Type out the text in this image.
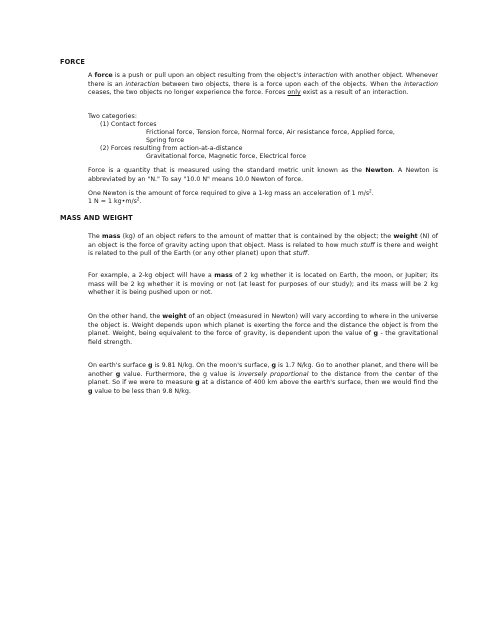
FORCE

A force is a push or pull upon an object resulting from the object's interaction with another object. Whenever there is an interaction between two objects, there is a force upon each of the objects. When the interaction ceases, the two objects no longer experience the force. Forces only exist as a result of an interaction.

Two categories:
(1) Contact forces
Frictional force, Tension force, Normal force, Air resistance force, Applied force,
Spring force
(2) Forces resulting from action-at-a-distance
Gravitational force, Magnetic force, Electrical force

Force is a quantity that is measured using the standard metric unit known as the Newton. A Newton is abbreviated by an "N." To say "10.0 N" means 10.0 Newton of force.

One Newton is the amount of force required to give a 1-kg mass an acceleration of 1 $m/s^2$.
1 N = 1 $kg•m/s^2$.
MASS AND WEIGHT

The mass (kg) of an object refers to the amount of matter that is contained by the object; the weight (N) of an object is the force of gravity acting upon that object. Mass is related to how much stuff is there and weight is related to the pull of the Earth (or any other planet) upon that stuff.

For example, a 2-kg object will have a mass of 2 kg whether it is located on Earth, the moon, or Jupiter; its mass will be 2 kg whether it is moving or not (at least for purposes of our study); and its mass will be 2 kg whether it is being pushed upon or not.

On the other hand, the weight of an object (measured in Newton) will vary according to where in the universe the object is. Weight depends upon which planet is exerting the force and the distance the object is from the planet. Weight, being equivalent to the force of gravity, is dependent upon the value of g - the gravitational field strength.

On earth's surface g is 9.81 N/kg. On the moon's surface, g is 1.7 N/kg. Go to another planet, and there will be another g value. Furthermore, the g value is inversely proportional to the distance from the center of the planet. So if we were to measure g at a distance of 400 km above the earth's surface, then we would find the g value to be less than 9.8 N/kg.
